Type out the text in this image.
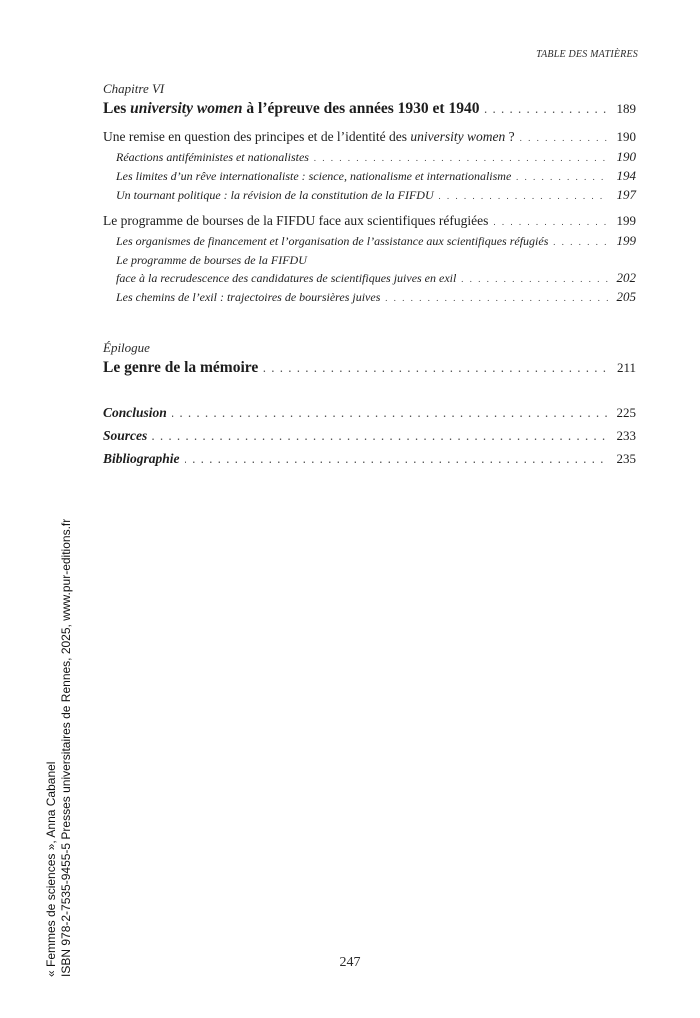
TABLE DES MATIÈRES
Chapitre VI
Les university women à l’épreuve des années 1930 et 1940 . . .	189
Une remise en question des principes et de l’identité des university women ? . . .	190
Réactions antiféministes et nationalistes . . .	190
Les limites d’un rêve internationaliste : science, nationalisme et internationalisme . . .	194
Un tournant politique : la révision de la constitution de la FIFDU . . .	197
Le programme de bourses de la FIFDU face aux scientifiques réfugiées . . .	199
Les organismes de financement et l’organisation de l’assistance aux scientifiques réfugiés . . .	199
Le programme de bourses de la FIFDU
face à la recrudescence des candidatures de scientifiques juives en exil . . .	202
Les chemins de l’exil : trajectoires de boursières juives . . .	205
Épilogue
Le genre de la mémoire . . .	211
Conclusion . . .	225
Sources . . .	233
Bibliographie . . .	235
247
« Femmes de sciences », Anna Cabanel ISBN 978-2-7535-9455-5 Presses universitaires de Rennes, 2025, www.pur-editions.fr
